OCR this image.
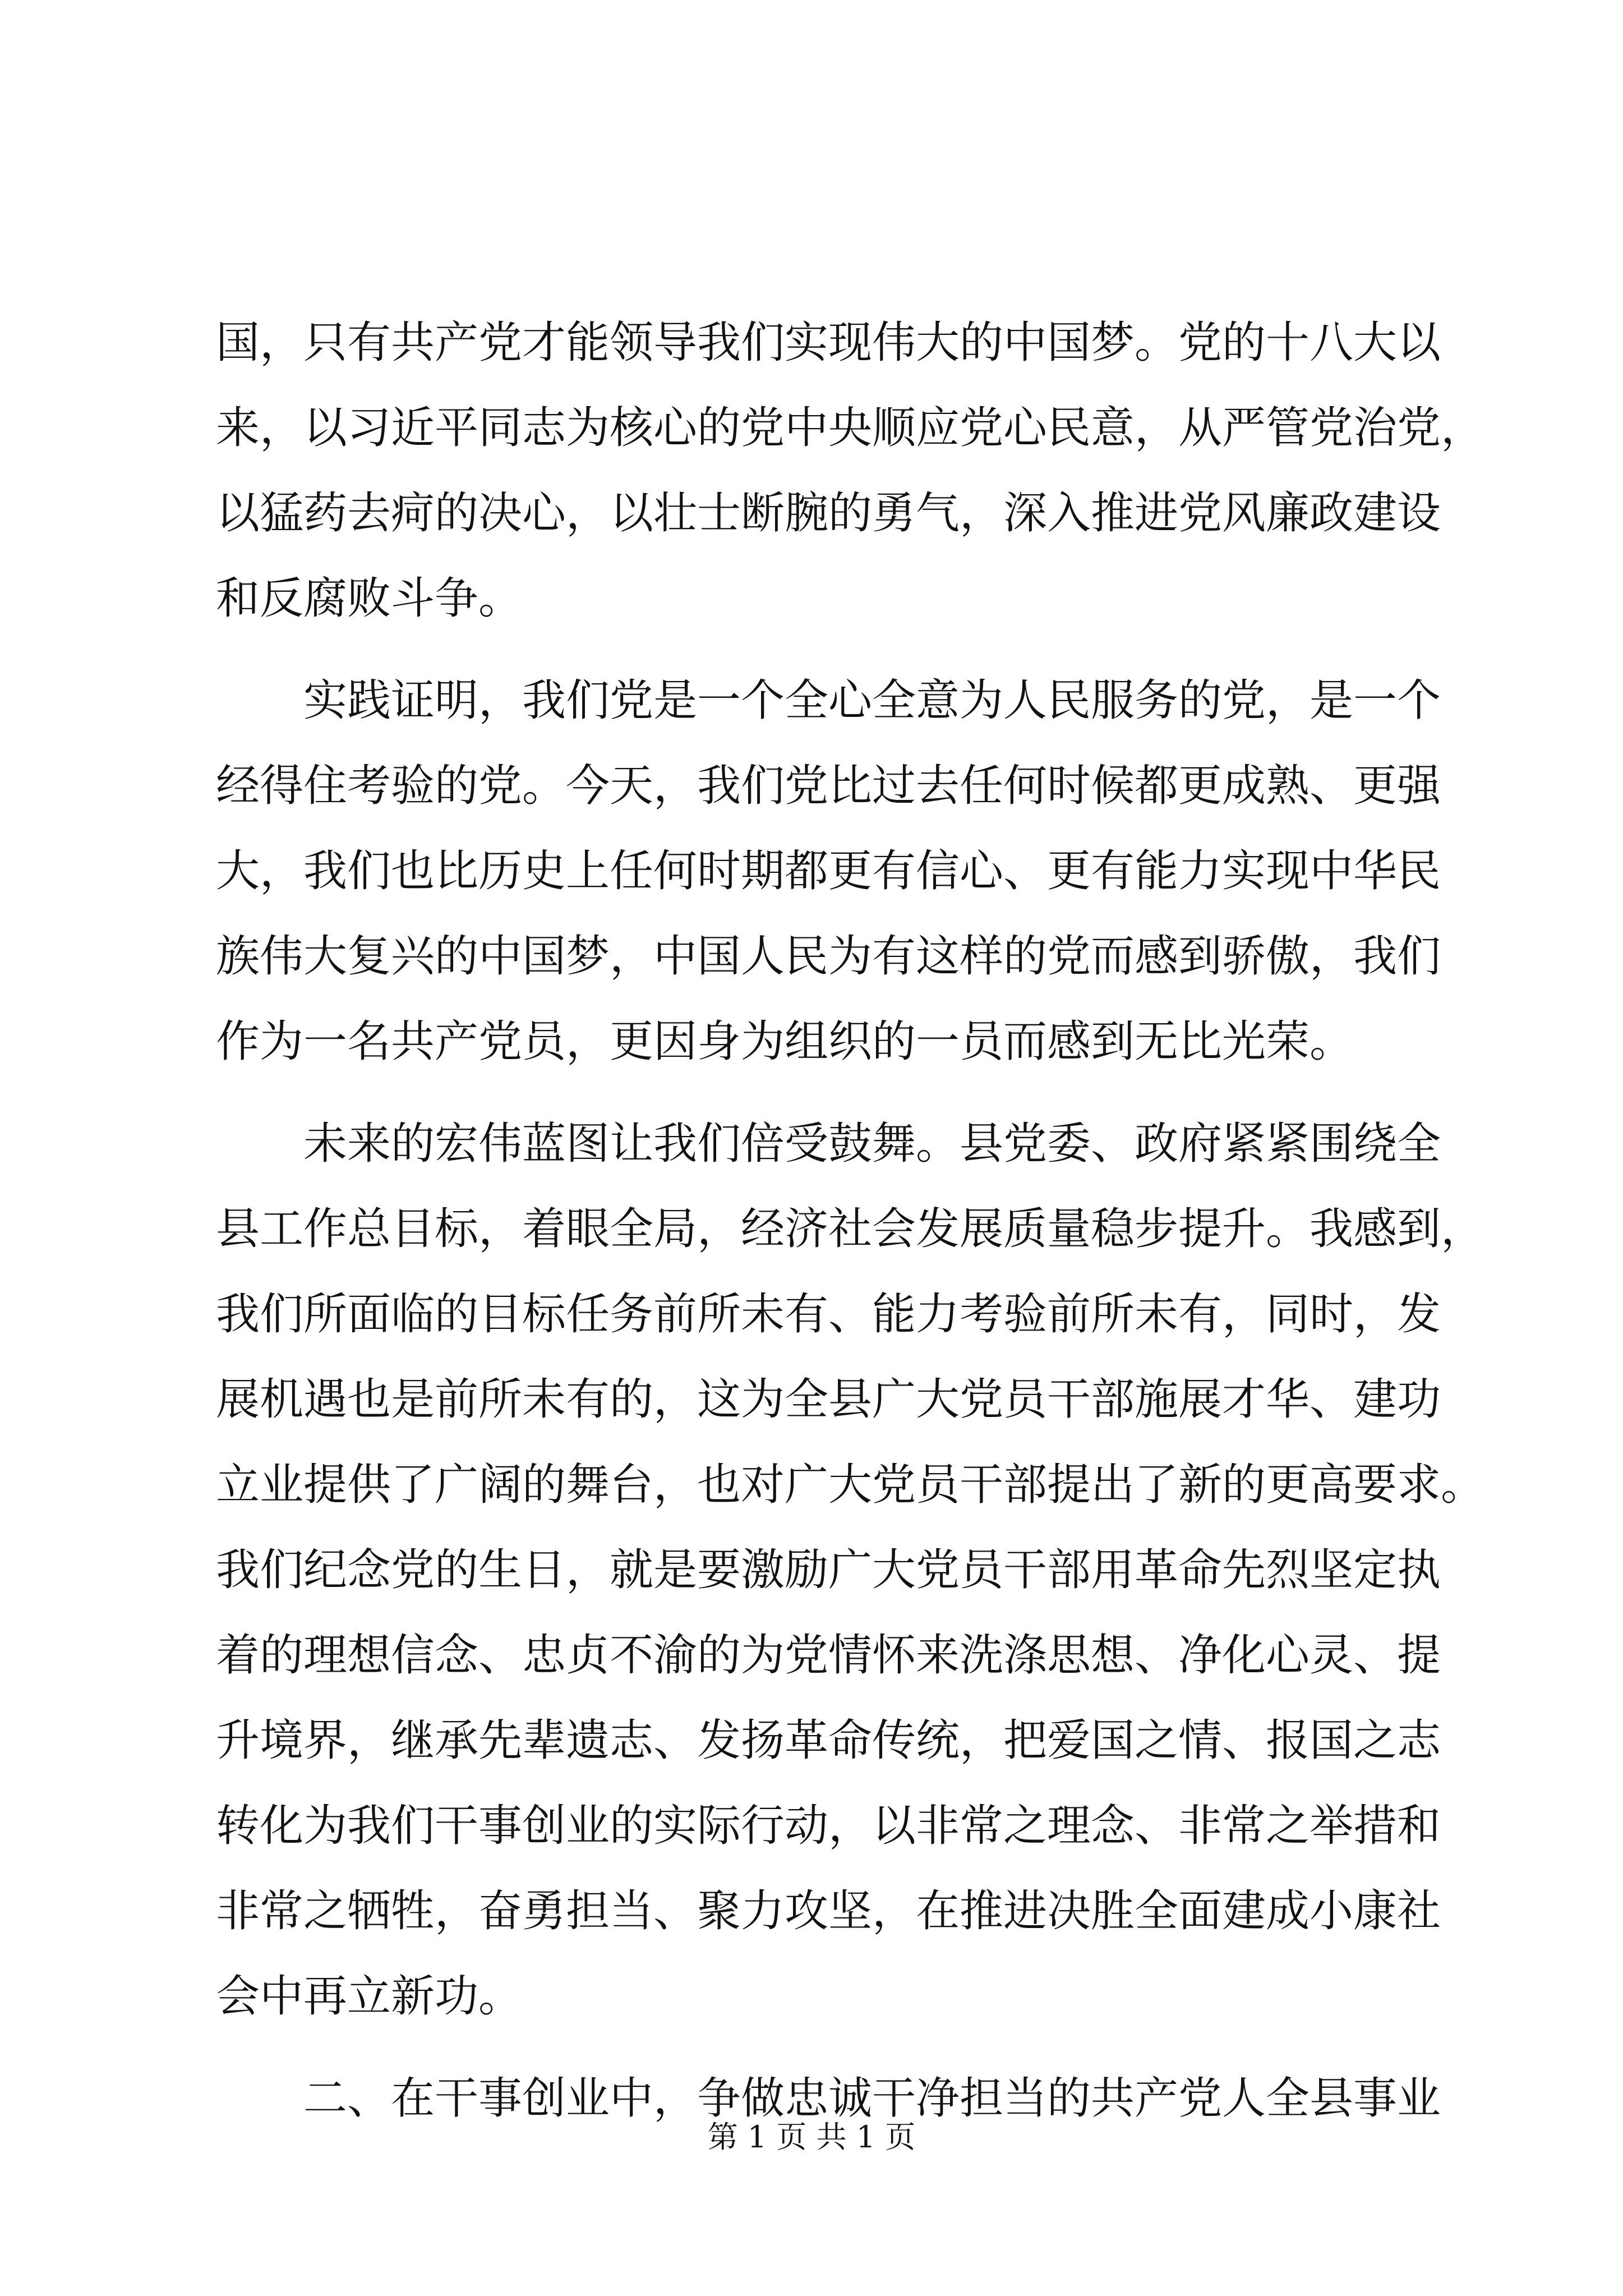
国，只有共产党才能领导我们实现伟大的中国梦。党的十八大以
来，以习近平同志为核心的党中央顺应党心民意，从严管党治党，
以猛药去疴的决心，以壮士断腕的勇气，深入推进党风廉政建设
和反腐败斗争。
实践证明，我们党是一个全心全意为人民服务的党，是一个
经得住考验的党。今天，我们党比过去任何时候都更成熟、更强
大，我们也比历史上任何时期都更有信心、更有能力实现中华民
族伟大复兴的中国梦，中国人民为有这样的党而感到骄傲，我们
作为一名共产党员，更因身为组织的一员而感到无比光荣。
未来的宏伟蓝图让我们倍受鼓舞。县党委、政府紧紧围绕全
县工作总目标，着眼全局，经济社会发展质量稳步提升。我感到，
我们所面临的目标任务前所未有、能力考验前所未有，同时，发
展机遇也是前所未有的，这为全县广大党员干部施展才华、建功
立业提供了广阔的舞台，也对广大党员干部提出了新的更高要求。
我们纪念党的生日，就是要激励广大党员干部用革命先烈坚定执
着的理想信念、忠贞不渝的为党情怀来洗涤思想、净化心灵、提
升境界，继承先辈遗志、发扬革命传统，把爱国之情、报国之志
转化为我们干事创业的实际行动，以非常之理念、非常之举措和
非常之牺牲，奋勇担当、聚力攻坚，在推进决胜全面建成小康社
会中再立新功。
二、在干事创业中，争做忠诚干净担当的共产党人全县事业
第 1 页 共 1 页
